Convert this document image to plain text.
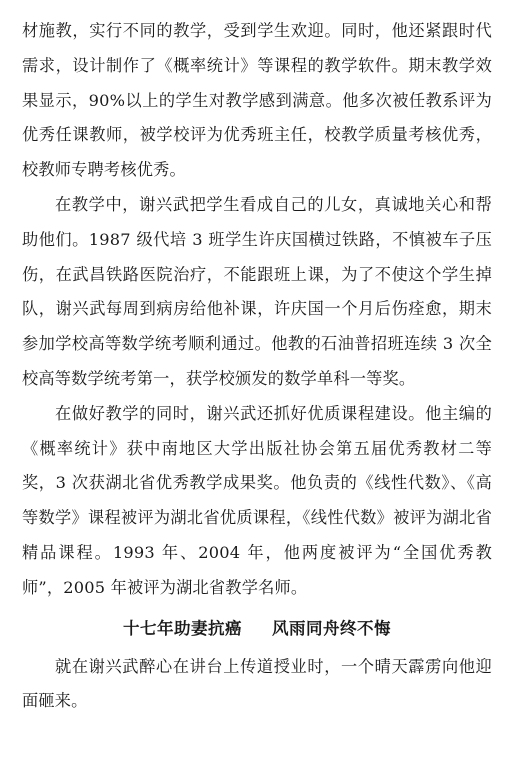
材施教，实行不同的教学，受到学生欢迎。同时，他还紧跟时代需求，设计制作了《概率统计》等课程的教学软件。期末教学效果显示，90%以上的学生对教学感到满意。他多次被任教系评为优秀任课教师，被学校评为优秀班主任，校教学质量考核优秀，校教师专聘考核优秀。

在教学中，谢兴武把学生看成自己的儿女，真诚地关心和帮助他们。1987 级代培 3 班学生许庆国横过铁路，不慎被车子压伤，在武昌铁路医院治疗，不能跟班上课，为了不使这个学生掉队，谢兴武每周到病房给他补课，许庆国一个月后伤痊愈，期末参加学校高等数学统考顺利通过。他教的石油普招班连续 3 次全校高等数学统考第一，获学校颁发的数学单科一等奖。

在做好教学的同时，谢兴武还抓好优质课程建设。他主编的《概率统计》获中南地区大学出版社协会第五届优秀教材二等奖，3 次获湖北省优秀教学成果奖。他负责的《线性代数》、《高等数学》课程被评为湖北省优质课程，《线性代数》被评为湖北省精品课程。1993 年、2004 年，他两度被评为“全国优秀教师”，2005 年被评为湖北省教学名师。

十七年助妻抗癌 风雨同舟终不悔

就在谢兴武醉心在讲台上传道授业时，一个晴天霹雳向他迎面砸来。
